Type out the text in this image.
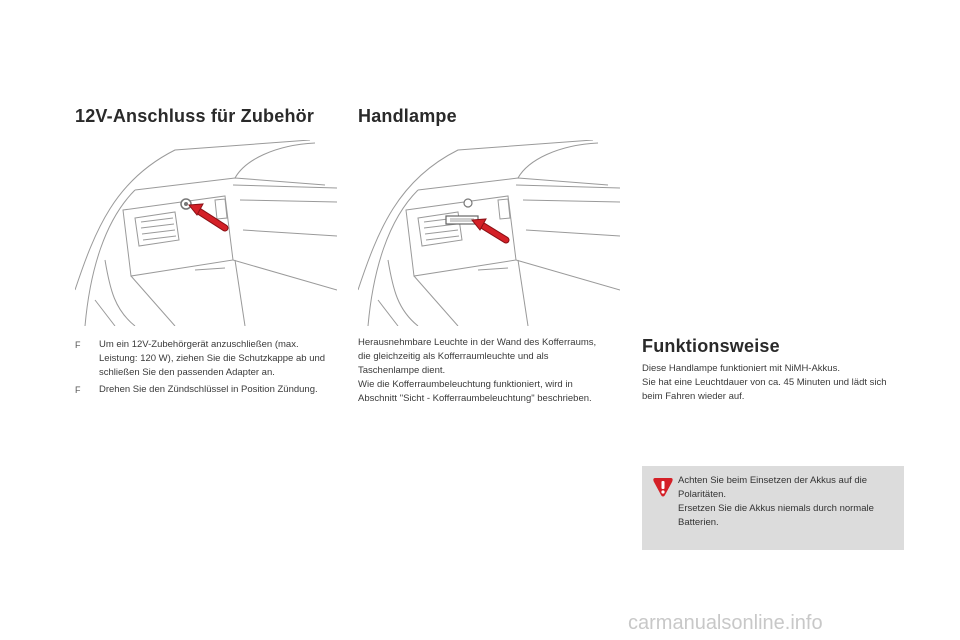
12V-Anschluss für Zubehör Handlampe
Funktionsweise
F Um ein 12V-Zubehörgerät anzuschließen (max. Leistung: 120 W), ziehen Sie die Schutzkappe ab und schließen Sie den passenden Adapter an.
F Drehen Sie den Zündschlüssel in Position Zündung.
Herausnehmbare Leuchte in der Wand des Kofferraums, die gleichzeitig als Kofferraumleuchte und als Taschenlampe dient.
Wie die Kofferraumbeleuchtung funktioniert, wird in Abschnitt "Sicht - Kofferraumbeleuchtung" beschrieben.
Diese Handlampe funktioniert mit NiMH-Akkus.
Sie hat eine Leuchtdauer von ca. 45 Minuten und lädt sich beim Fahren wieder auf.
Achten Sie beim Einsetzen der Akkus auf die Polaritäten.
Ersetzen Sie die Akkus niemals durch normale Batterien.
carmanualsonline.info
